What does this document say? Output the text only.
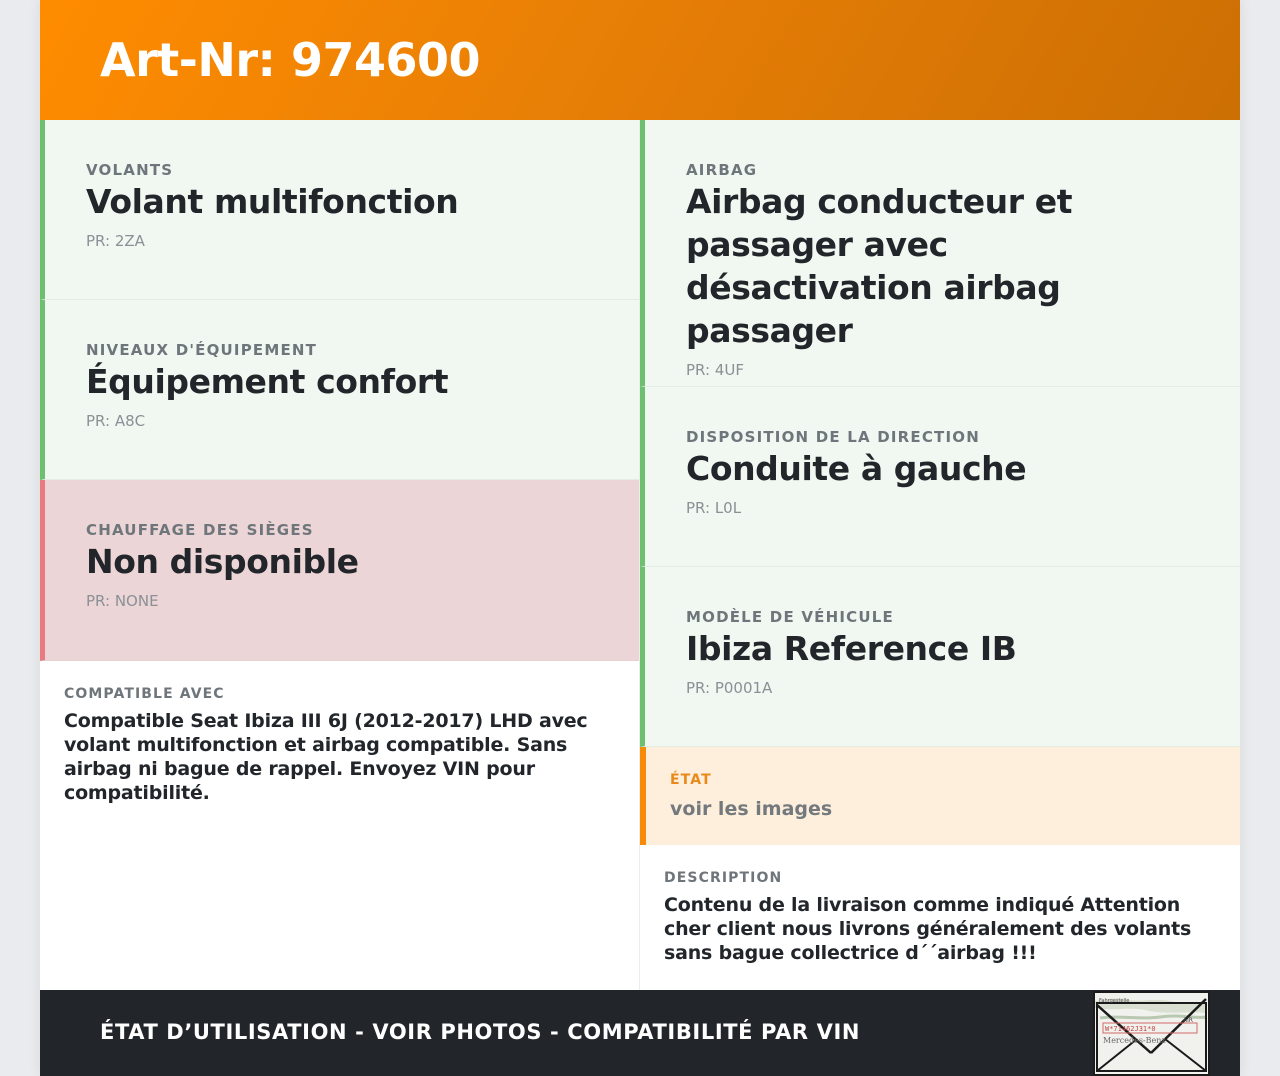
Art-Nr: 974600
VOLANTS
Volant multifonction
PR: 2ZA
NIVEAUX D'ÉQUIPEMENT
Équipement confort
PR: A8C
CHAUFFAGE DES SIÈGES
Non disponible
PR: NONE
COMPATIBLE AVEC
Compatible Seat Ibiza III 6J (2012-2017) LHD avec volant multifonction et airbag compatible. Sans airbag ni bague de rappel. Envoyez VIN pour compatibilité.
AIRBAG
Airbag conducteur et passager avec désactivation airbag passager
PR: 4UF
DISPOSITION DE LA DIRECTION
Conduite à gauche
PR: L0L
MODÈLE DE VÉHICULE
Ibiza Reference IB
PR: P0001A
ÉTAT
voir les images
DESCRIPTION
Contenu de la livraison comme indiqué Attention cher client nous livrons généralement des volants sans bague collectrice d´´airbag !!!
ÉTAT D’UTILISATION - VOIR PHOTOS - COMPATIBILITÉ PAR VIN
Fahrgestelle
W*71462J31*0
AiR
Mercedes-Benz
